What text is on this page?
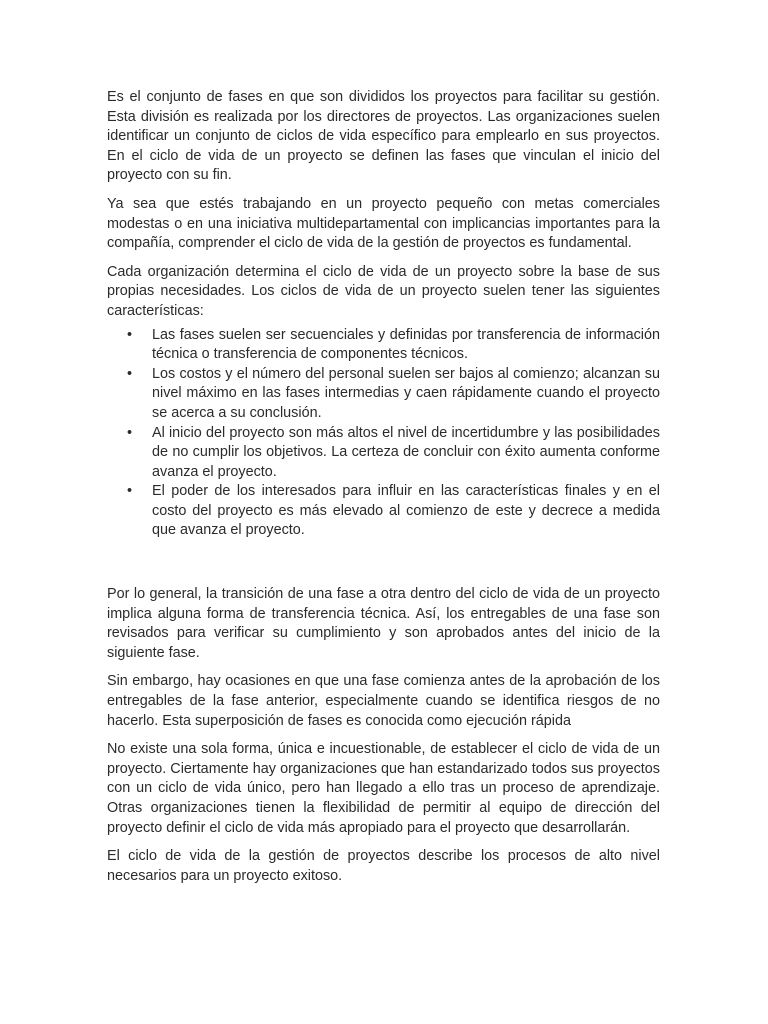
Es el conjunto de fases en que son divididos los proyectos para facilitar su gestión. Esta división es realizada por los directores de proyectos. Las organizaciones suelen identificar un conjunto de ciclos de vida específico para emplearlo en sus proyectos. En el ciclo de vida de un proyecto se definen las fases que vinculan el inicio del proyecto con su fin.

Ya sea que estés trabajando en un proyecto pequeño con metas comerciales modestas o en una iniciativa multidepartamental con implicancias importantes para la compañía, comprender el ciclo de vida de la gestión de proyectos es fundamental.

Cada organización determina el ciclo de vida de un proyecto sobre la base de sus propias necesidades. Los ciclos de vida de un proyecto suelen tener las siguientes características:

• Las fases suelen ser secuenciales y definidas por transferencia de información técnica o transferencia de componentes técnicos.
• Los costos y el número del personal suelen ser bajos al comienzo; alcanzan su nivel máximo en las fases intermedias y caen rápidamente cuando el proyecto se acerca a su conclusión.
• Al inicio del proyecto son más altos el nivel de incertidumbre y las posibilidades de no cumplir los objetivos. La certeza de concluir con éxito aumenta conforme avanza el proyecto.
• El poder de los interesados para influir en las características finales y en el costo del proyecto es más elevado al comienzo de este y decrece a medida que avanza el proyecto.

Por lo general, la transición de una fase a otra dentro del ciclo de vida de un proyecto implica alguna forma de transferencia técnica. Así, los entregables de una fase son revisados para verificar su cumplimiento y son aprobados antes del inicio de la siguiente fase.

Sin embargo, hay ocasiones en que una fase comienza antes de la aprobación de los entregables de la fase anterior, especialmente cuando se identifica riesgos de no hacerlo. Esta superposición de fases es conocida como ejecución rápida

No existe una sola forma, única e incuestionable, de establecer el ciclo de vida de un proyecto. Ciertamente hay organizaciones que han estandarizado todos sus proyectos con un ciclo de vida único, pero han llegado a ello tras un proceso de aprendizaje. Otras organizaciones tienen la flexibilidad de permitir al equipo de dirección del proyecto definir el ciclo de vida más apropiado para el proyecto que desarrollarán.

El ciclo de vida de la gestión de proyectos describe los procesos de alto nivel necesarios para un proyecto exitoso.
